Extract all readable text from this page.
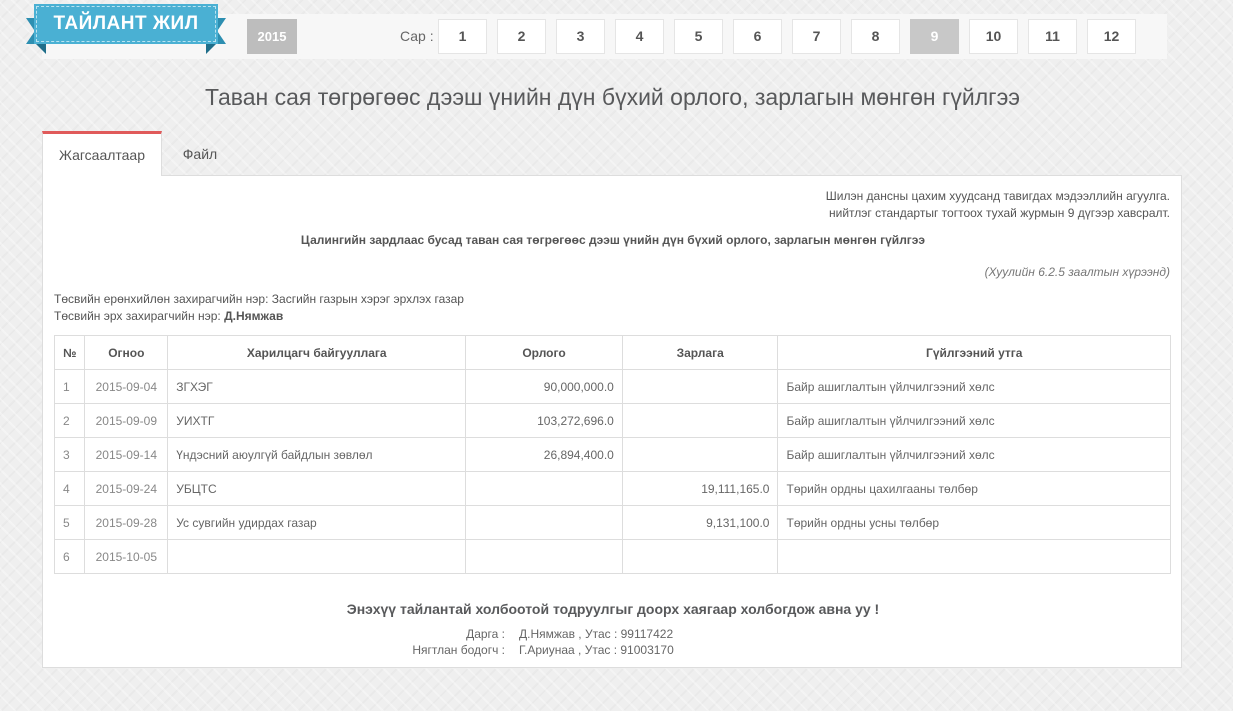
ТАЙЛАНТ ЖИЛ
2015	Сар :	1	2	3	4	5	6	7	8	9	10	11	12
Таван сая төгрөгөөс дээш үнийн дүн бүхий орлого, зарлагын мөнгөн гүйлгээ
Жагсаалтаар	Файл
Шилэн дансны цахим хуудсанд тавигдах мэдээллийн агуулга.
нийтлэг стандартыг тогтоох тухай журмын 9 дүгээр хавсралт.
Цалингийн зардлаас бусад таван сая төгрөгөөс дээш үнийн дүн бүхий орлого, зарлагын мөнгөн гүйлгээ
(Хуулийн 6.2.5 заалтын хүрээнд)
Төсвийн ерөнхийлөн захирагчийн нэр: Засгийн газрын хэрэг эрхлэх газар
Төсвийн эрх захирагчийн нэр: Д.Нямжав
№	Огноо	Харилцагч байгууллага	Орлого	Зарлага	Гүйлгээний утга
1	2015-09-04	ЗГХЭГ	90,000,000.0		Байр ашиглалтын үйлчилгээний хөлс
2	2015-09-09	УИХТГ	103,272,696.0		Байр ашиглалтын үйлчилгээний хөлс
3	2015-09-14	Үндэсний аюулгүй байдлын зөвлөл	26,894,400.0		Байр ашиглалтын үйлчилгээний хөлс
4	2015-09-24	УБЦТС		19,111,165.0	Төрийн ордны цахилгааны төлбөр
5	2015-09-28	Ус сувгийн удирдах газар		9,131,100.0	Төрийн ордны усны төлбөр
6	2015-10-05				
Энэхүү тайлантай холбоотой тодруулгыг доорх хаягаар холбогдож авна уу !
Дарга : Д.Нямжав , Утас : 99117422
Нягтлан бодогч : Г.Ариунаа , Утас : 91003170
